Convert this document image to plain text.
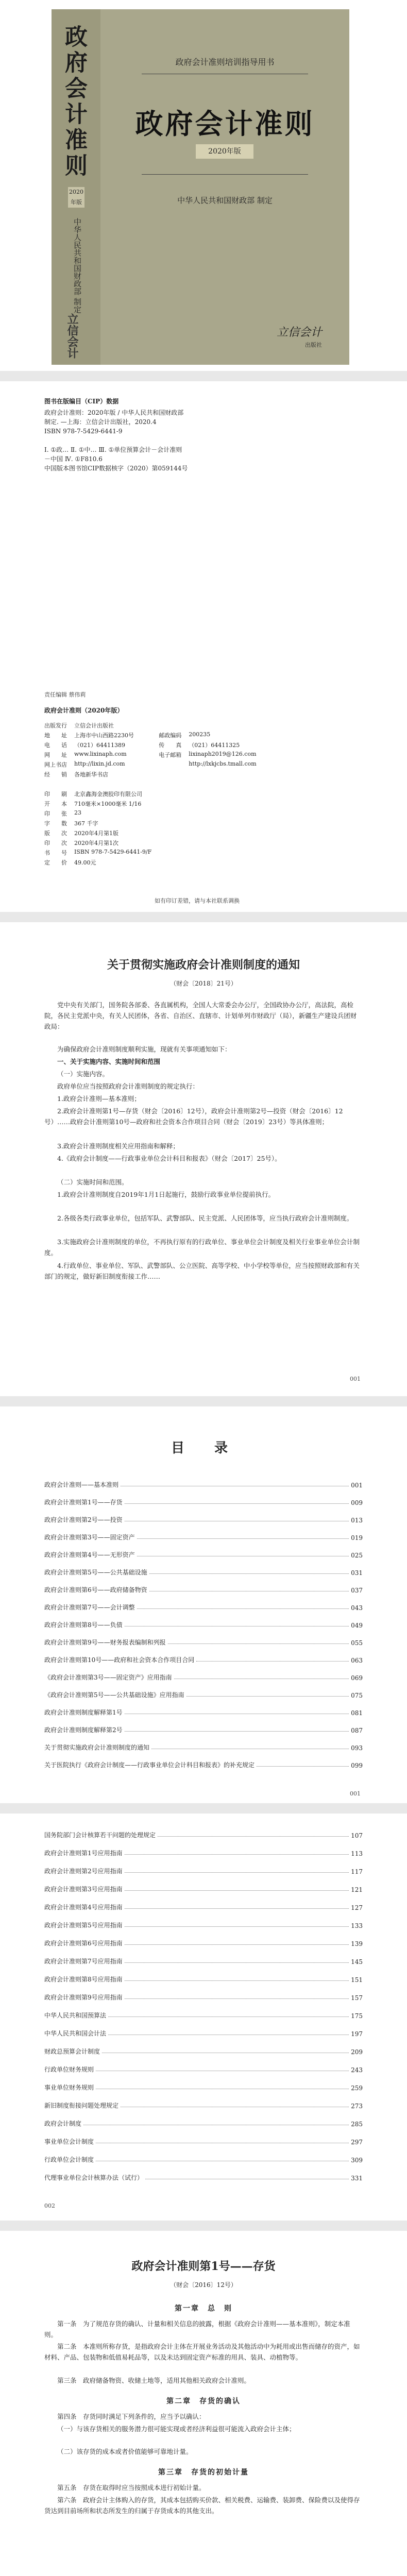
政府会计准则
2020年版
中华人民共和国财政部 制定
立信会计
政府会计准则培训指导用书
政府会计准则
2020年版
中华人民共和国财政部 制定
立信会计
出版社
图书在版编目（CIP）数据
政府会计准则：2020年版 / 中华人民共和国财政部
制定. —上海：立信会计出版社，2020.4
ISBN 978-7-5429-6441-9
Ⅰ. ①政… Ⅱ. ①中… Ⅲ. ①单位预算会计－会计准则
－中国 Ⅳ. ①F810.6
中国版本图书馆CIP数据核字（2020）第059144号
责任编辑 蔡伟莉
政府会计准则（2020年版）
出版发行	立信会计出版社		
地　　址	上海市中山西路2230号	邮政编码	200235
电　　话	（021）64411389	传　　真	（021）64411325
网　　址	www.lixinaph.com	电子邮箱	lixinaph2019@126.com
网上书店	http://lixin.jd.com		http://lxkjcbs.tmall.com
经　　销	各地新华书店		

印　　刷	北京鑫海金澳胶印有限公司		
开　　本	710毫米×1000毫米 1/16		
印　　张	23		
字　　数	367 千字		
版　　次	2020年4月第1版		
印　　次	2020年4月第1次		
书　　号	ISBN 978-7-5429-6441-9/F		
定　　价	49.00元		
如有印订差错，请与本社联系调换
关于贯彻实施政府会计准则制度的通知
（财会〔2018〕21号）
党中央有关部门，国务院各部委、各直属机构，全国人大常委会办公厅，全国政协办公厅，高法院，高检院，各民主党派中央，有关人民团体，各省、自治区、直辖市、计划单列市财政厅（局），新疆生产建设兵团财政局：
为确保政府会计准则制度顺利实施，现就有关事项通知如下：
一、关于实施内容、实施时间和范围
（一）实施内容。
政府单位应当按照政府会计准则制度的规定执行：
1.政府会计准则—基本准则；
2.政府会计准则第1号—存货（财会〔2016〕12号），政府会计准则第2号—投资（财会〔2016〕12号）……政府会计准则第10号—政府和社会资本合作项目合同（财会〔2019〕23号）等具体准则；
3.政府会计准则制度相关应用指南和解释；
4.《政府会计制度——行政事业单位会计科目和报表》（财会〔2017〕25号）。
（二）实施时间和范围。
1.政府会计准则制度自2019年1月1日起施行，鼓励行政事业单位提前执行。
2.各级各类行政事业单位，包括军队、武警部队、民主党派、人民团体等，应当执行政府会计准则制度。
3.实施政府会计准则制度的单位，不再执行原有的行政单位、事业单位会计制度及相关行业事业单位会计制度。
4.行政单位、事业单位、军队、武警部队、公立医院、高等学校、中小学校等单位，应当按照财政部和有关部门的规定，做好新旧制度衔接工作……
001
目　录
政府会计准则——基本准则	001
政府会计准则第1号——存货	009
政府会计准则第2号——投资	013
政府会计准则第3号——固定资产	019
政府会计准则第4号——无形资产	025
政府会计准则第5号——公共基础设施	031
政府会计准则第6号——政府储备物资	037
政府会计准则第7号——会计调整	043
政府会计准则第8号——负债	049
政府会计准则第9号——财务报表编制和列报	055
政府会计准则第10号——政府和社会资本合作项目合同	063
《政府会计准则第3号——固定资产》应用指南	069
《政府会计准则第5号——公共基础设施》应用指南	075
政府会计准则制度解释第1号	081
政府会计准则制度解释第2号	087
关于贯彻实施政府会计准则制度的通知	093
关于医院执行《政府会计制度——行政事业单位会计科目和报表》的补充规定	099
001
国务院部门会计核算若干问题的处理规定	107
政府会计准则第1号应用指南	113
政府会计准则第2号应用指南	117
政府会计准则第3号应用指南	121
政府会计准则第4号应用指南	127
政府会计准则第5号应用指南	133
政府会计准则第6号应用指南	139
政府会计准则第7号应用指南	145
政府会计准则第8号应用指南	151
政府会计准则第9号应用指南	157
中华人民共和国预算法	175
中华人民共和国会计法	197
财政总预算会计制度	209
行政单位财务规则	243
事业单位财务规则	259
新旧制度衔接问题处理规定	273
政府会计制度	285
事业单位会计制度	297
行政单位会计制度	309
代理事业单位会计核算办法（试行）	331
002
政府会计准则第1号——存货
（财会〔2016〕12号）
第一章　总　则
第一条　为了规范存货的确认、计量和相关信息的披露，根据《政府会计准则——基本准则》，制定本准则。
第二条　本准则所称存货，是指政府会计主体在开展业务活动及其他活动中为耗用或出售而储存的资产，如材料、产品、包装物和低值易耗品等，以及未达到固定资产标准的用具、装具、动植物等。
第三条　政府储备物资、收储土地等，适用其他相关政府会计准则。
第二章　存货的确认
第四条　存货同时满足下列条件的，应当予以确认：
（一）与该存货相关的服务潜力很可能实现或者经济利益很可能流入政府会计主体；
（二）该存货的成本或者价值能够可靠地计量。
第三章　存货的初始计量
第五条　存货在取得时应当按照成本进行初始计量。
第六条　政府会计主体购入的存货，其成本包括购买价款、相关税费、运输费、装卸费、保险费以及使得存货达到目前场所和状态所发生的归属于存货成本的其他支出。
